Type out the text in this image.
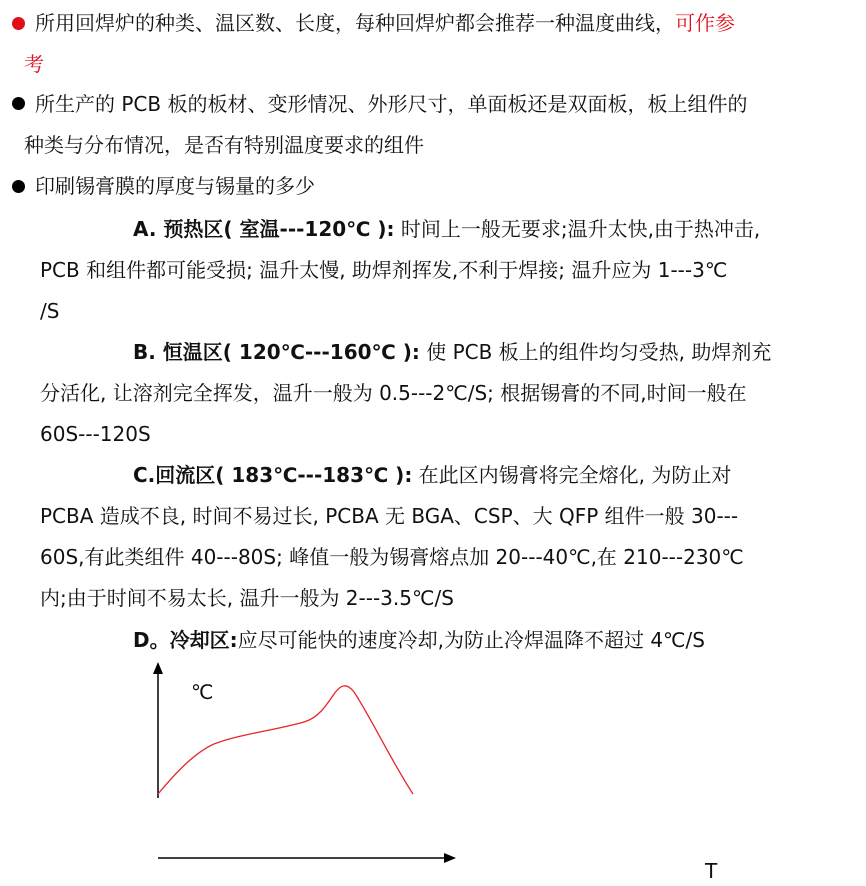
所用回焊炉的种类、温区数、长度，每种回焊炉都会推荐一种温度曲线，可作参
考
所生产的 PCB 板的板材、变形情况、外形尺寸，单面板还是双面板，板上组件的
种类与分布情况，是否有特别温度要求的组件
印刷锡膏膜的厚度与锡量的多少
A. 预热区( 室温---120℃ ): 时间上一般无要求;温升太快,由于热冲击,
PCB 和组件都可能受损; 温升太慢, 助焊剂挥发,不利于焊接; 温升应为 1---3℃
/S
B. 恒温区( 120℃---160℃ ): 使 PCB 板上的组件均匀受热, 助焊剂充
分活化, 让溶剂完全挥发，温升一般为 0.5---2℃/S; 根据锡膏的不同,时间一般在
60S---120S
C.回流区( 183℃---183℃ ): 在此区内锡膏将完全熔化, 为防止对
PCBA 造成不良, 时间不易过长, PCBA 无 BGA、CSP、大 QFP 组件一般 30---
60S,有此类组件 40---80S; 峰值一般为锡膏熔点加 20---40℃,在 210---230℃
内;由于时间不易太长, 温升一般为 2---3.5℃/S
D。冷却区:应尽可能快的速度冷却,为防止冷焊温降不超过 4℃/S
℃
T
